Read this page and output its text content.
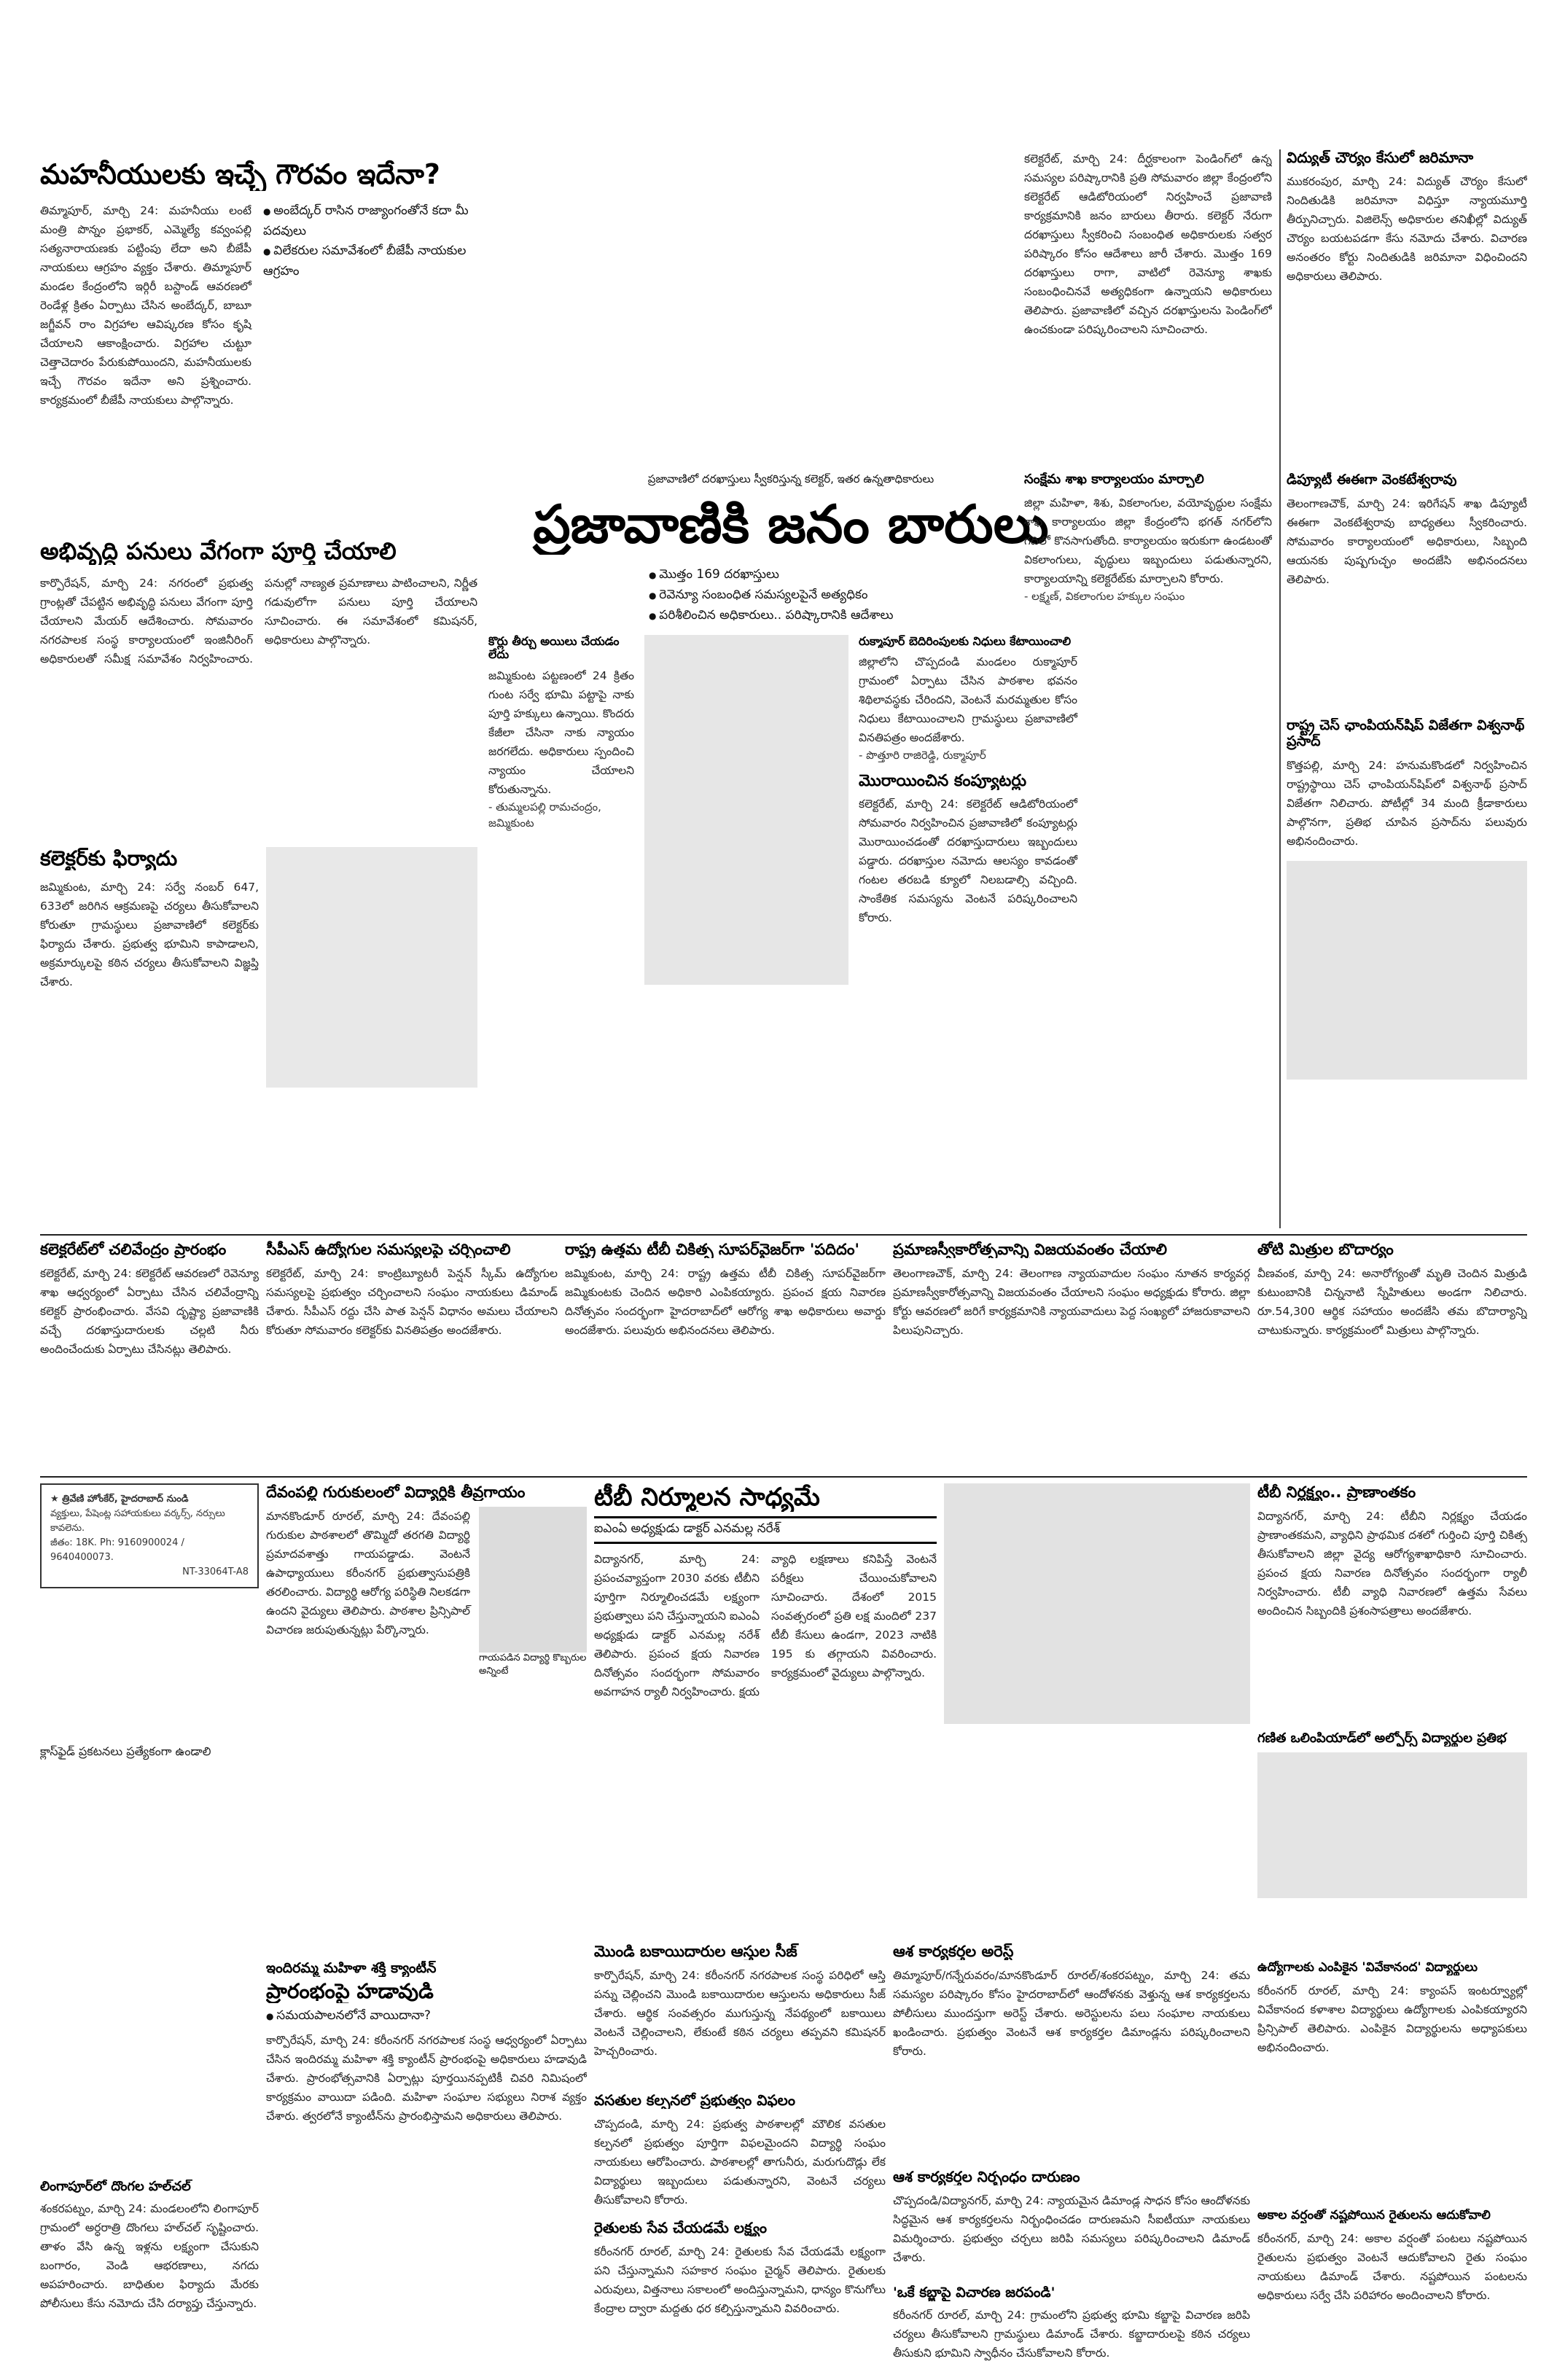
మహనీయులకు ఇచ్చే గౌరవం ఇదేనా?
తిమ్మాపూర్, మార్చి 24: మహనీయు లంటే మంత్రి పొన్నం ప్రభాకర్, ఎమ్మెల్యే కవ్వంపల్లి సత్యనారాయణకు పట్టింపు లేదా అని బీజేపీ నాయకులు ఆగ్రహం వ్యక్తం చేశారు. తిమ్మాపూర్ మండల కేంద్రంలోని ఇర్గిరీ బస్టాండ్ ఆవరణలో రెండేళ్ల క్రితం ఏర్పాటు చేసిన అంబేద్కర్, బాబూ జగ్జీవన్ రాం విగ్రహాల ఆవిష్కరణ కోసం కృషి చేయాలని ఆకాంక్షించారు. విగ్రహాల చుట్టూ చెత్తాచెదారం పేరుకుపోయిందని, మహనీయులకు ఇచ్చే గౌరవం ఇదేనా అని ప్రశ్నించారు. కార్యక్రమంలో బీజేపీ నాయకులు పాల్గొన్నారు.
● అంబేద్కర్ రాసిన రాజ్యాంగంతోనే కదా మీ పదవులు
● విలేకరుల సమావేశంలో బీజేపీ నాయకుల ఆగ్రహం
అభివృద్ధి పనులు వేగంగా పూర్తి చేయాలి
కార్పొరేషన్, మార్చి 24: నగరంలో ప్రభుత్వ గ్రాంట్లతో చేపట్టిన అభివృద్ధి పనులు వేగంగా పూర్తి చేయాలని మేయర్ ఆదేశించారు. సోమవారం నగరపాలక సంస్థ కార్యాలయంలో ఇంజినీరింగ్ అధికారులతో సమీక్ష సమావేశం నిర్వహించారు. పనుల్లో నాణ్యత ప్రమాణాలు పాటించాలని, నిర్ణీత గడువులోగా పనులు పూర్తి చేయాలని సూచించారు. ఈ సమావేశంలో కమిషనర్, అధికారులు పాల్గొన్నారు.
కలెక్టర్‌కు ఫిర్యాదు
జమ్మికుంట, మార్చి 24: సర్వే నంబర్ 647, 633లో జరిగిన ఆక్రమణపై చర్యలు తీసుకోవాలని కోరుతూ గ్రామస్థులు ప్రజావాణిలో కలెక్టర్‌కు ఫిర్యాదు చేశారు. ప్రభుత్వ భూమిని కాపాడాలని, అక్రమార్కులపై కఠిన చర్యలు తీసుకోవాలని విజ్ఞప్తి చేశారు.
ప్రజావాణిలో దరఖాస్తులు స్వీకరిస్తున్న కలెక్టర్, ఇతర ఉన్నతాధికారులు
ప్రజావాణికి జనం బారులు
● మొత్తం 169 దరఖాస్తులు
● రెవెన్యూ సంబంధిత సమస్యలపైనే అత్యధికం
● పరిశీలించిన అధికారులు.. పరిష్కారానికి ఆదేశాలు
కొర్లు తీర్చు అయిలు చేయడం లేదు
జమ్మికుంట పట్టణంలో 24 క్రితం గుంట సర్వే భూమి పట్టాపై నాకు పూర్తి హక్కులు ఉన్నాయి. కొందరు కేజీలా చేసినా నాకు న్యాయం జరగలేదు. అధికారులు స్పందించి న్యాయం చేయాలని కోరుతున్నాను.
- తుమ్మలపల్లి రామచంద్రం, జమ్మికుంట
రుక్మాపూర్ బెదిరింపులకు నిధులు కేటాయించాలి
జిల్లాలోని చొప్పదండి మండలం రుక్మాపూర్ గ్రామంలో ఏర్పాటు చేసిన పాఠశాల భవనం శిథిలావస్థకు చేరిందని, వెంటనే మరమ్మతుల కోసం నిధులు కేటాయించాలని గ్రామస్థులు ప్రజావాణిలో వినతిపత్రం అందజేశారు.
- పొత్తూరి రాజిరెడ్డి, రుక్మాపూర్
మొరాయించిన కంప్యూటర్లు
కలెక్టరేట్, మార్చి 24: కలెక్టరేట్ ఆడిటోరియంలో సోమవారం నిర్వహించిన ప్రజావాణిలో కంప్యూటర్లు మొరాయించడంతో దరఖాస్తుదారులు ఇబ్బందులు పడ్డారు. దరఖాస్తుల నమోదు ఆలస్యం కావడంతో గంటల తరబడి క్యూలో నిలబడాల్సి వచ్చింది. సాంకేతిక సమస్యను వెంటనే పరిష్కరించాలని కోరారు.
కలెక్టరేట్, మార్చి 24: దీర్ఘకాలంగా పెండింగ్‌లో ఉన్న సమస్యల పరిష్కారానికి ప్రతి సోమవారం జిల్లా కేంద్రంలోని కలెక్టరేట్ ఆడిటోరియంలో నిర్వహించే ప్రజావాణి కార్యక్రమానికి జనం బారులు తీరారు. కలెక్టర్ నేరుగా దరఖాస్తులు స్వీకరించి సంబంధిత అధికారులకు సత్వర పరిష్కారం కోసం ఆదేశాలు జారీ చేశారు. మొత్తం 169 దరఖాస్తులు రాగా, వాటిలో రెవెన్యూ శాఖకు సంబంధించినవే అత్యధికంగా ఉన్నాయని అధికారులు తెలిపారు. ప్రజావాణిలో వచ్చిన దరఖాస్తులను పెండింగ్‌లో ఉంచకుండా పరిష్కరించాలని సూచించారు.
సంక్షేమ శాఖ కార్యాలయం మార్చాలి
జిల్లా మహిళా, శిశు, వికలాంగుల, వయోవృద్ధుల సంక్షేమ శాఖ కార్యాలయం జిల్లా కేంద్రంలోని భగత్ నగర్‌లోని గదిలో కొనసాగుతోంది. కార్యాలయం ఇరుకుగా ఉండటంతో వికలాంగులు, వృద్ధులు ఇబ్బందులు పడుతున్నారని, కార్యాలయాన్ని కలెక్టరేట్‌కు మార్చాలని కోరారు.
- లక్ష్మణ్, వికలాంగుల హక్కుల సంఘం
విద్యుత్ చౌర్యం కేసులో జరిమానా
ముకరంపుర, మార్చి 24: విద్యుత్ చౌర్యం కేసులో నిందితుడికి జరిమానా విధిస్తూ న్యాయమూర్తి తీర్పునిచ్చారు. విజిలెన్స్ అధికారుల తనిఖీల్లో విద్యుత్ చౌర్యం బయటపడగా కేసు నమోదు చేశారు. విచారణ అనంతరం కోర్టు నిందితుడికి జరిమానా విధించిందని అధికారులు తెలిపారు.
డిప్యూటీ ఈఈగా వెంకటేశ్వరావు
తెలంగాణచౌక్, మార్చి 24: ఇరిగేషన్ శాఖ డిప్యూటీ ఈఈగా వెంకటేశ్వరావు బాధ్యతలు స్వీకరించారు. సోమవారం కార్యాలయంలో అధికారులు, సిబ్బంది ఆయనకు పుష్పగుచ్ఛం అందజేసి అభినందనలు తెలిపారు.
రాష్ట్ర చెస్ ఛాంపియన్‌షిప్ విజేతగా విశ్వనాథ్ ప్రసాద్
కొత్తపల్లి, మార్చి 24: హనుమకొండలో నిర్వహించిన రాష్ట్రస్థాయి చెస్ ఛాంపియన్‌షిప్‌లో విశ్వనాథ్ ప్రసాద్ విజేతగా నిలిచారు. పోటీల్లో 34 మంది క్రీడాకారులు పాల్గొనగా, ప్రతిభ చూపిన ప్రసాద్‌ను పలువురు అభినందించారు.
కలెక్టరేట్‌లో చలివేంద్రం ప్రారంభం
కలెక్టరేట్, మార్చి 24: కలెక్టరేట్ ఆవరణలో రెవెన్యూ శాఖ ఆధ్వర్యంలో ఏర్పాటు చేసిన చలివేంద్రాన్ని కలెక్టర్ ప్రారంభించారు. వేసవి దృష్ట్యా ప్రజావాణికి వచ్చే దరఖాస్తుదారులకు చల్లటి నీరు అందించేందుకు ఏర్పాటు చేసినట్లు తెలిపారు.
సీపీఎస్ ఉద్యోగుల సమస్యలపై చర్చించాలి
కలెక్టరేట్, మార్చి 24: కాంట్రిబ్యూటరీ పెన్షన్ స్కీమ్ ఉద్యోగుల సమస్యలపై ప్రభుత్వం చర్చించాలని సంఘం నాయకులు డిమాండ్ చేశారు. సీపీఎస్ రద్దు చేసి పాత పెన్షన్ విధానం అమలు చేయాలని కోరుతూ సోమవారం కలెక్టర్‌కు వినతిపత్రం అందజేశారు.
రాష్ట్ర ఉత్తమ టీబీ చికిత్స సూపర్‌వైజర్‌గా 'పదిదం'
జమ్మికుంట, మార్చి 24: రాష్ట్ర ఉత్తమ టీబీ చికిత్స సూపర్‌వైజర్‌గా జమ్మికుంటకు చెందిన అధికారి ఎంపికయ్యారు. ప్రపంచ క్షయ నివారణ దినోత్సవం సందర్భంగా హైదరాబాద్‌లో ఆరోగ్య శాఖ అధికారులు అవార్డు అందజేశారు. పలువురు అభినందనలు తెలిపారు.
ప్రమాణస్వీకారోత్సవాన్ని విజయవంతం చేయాలి
తెలంగాణచౌక్, మార్చి 24: తెలంగాణ న్యాయవాదుల సంఘం నూతన కార్యవర్గ ప్రమాణస్వీకారోత్సవాన్ని విజయవంతం చేయాలని సంఘం అధ్యక్షుడు కోరారు. జిల్లా కోర్టు ఆవరణలో జరిగే కార్యక్రమానికి న్యాయవాదులు పెద్ద సంఖ్యలో హాజరుకావాలని పిలుపునిచ్చారు.
తోటి మిత్రుల బొదార్యం
వీణవంక, మార్చి 24: అనారోగ్యంతో మృతి చెందిన మిత్రుడి కుటుంబానికి చిన్ననాటి స్నేహితులు అండగా నిలిచారు. రూ.54,300 ఆర్థిక సహాయం అందజేసి తమ బొదార్యాన్ని చాటుకున్నారు. కార్యక్రమంలో మిత్రులు పాల్గొన్నారు.
★ త్రివేణి హోంకేర్, హైదరాబాద్ నుండి
వ్యక్తులు, పేషెంట్ల సహాయకులు వర్కర్స్, నర్సులు కావలెను.
జీతం: 18K. Ph: 9160900024 / 9640400073.
NT-33064T-A8
క్లాస్‌ఫైడ్ ప్రకటనలు ప్రత్యేకంగా ఉండాలి
దేవంపల్లి గురుకులంలో విద్యార్థికి తీవ్రగాయం
మానకొండూర్ రూరల్, మార్చి 24: దేవంపల్లి గురుకుల పాఠశాలలో తొమ్మిదో తరగతి విద్యార్థి ప్రమాదవశాత్తు గాయపడ్డాడు. వెంటనే ఉపాధ్యాయులు కరీంనగర్ ప్రభుత్వాసుపత్రికి తరలించారు. విద్యార్థి ఆరోగ్య పరిస్థితి నిలకడగా ఉందని వైద్యులు తెలిపారు. పాఠశాల ప్రిన్సిపాల్ విచారణ జరుపుతున్నట్లు పేర్కొన్నారు.
గాయపడిన విద్యార్థి కొబ్బరుల అన్నింటే
టీబీ నిర్మూలన సాధ్యమే
ఐఎంఏ అధ్యక్షుడు డాక్టర్ ఎనమల్ల నరేశ్
విద్యానగర్, మార్చి 24: ప్రపంచవ్యాప్తంగా 2030 వరకు టీబీని పూర్తిగా నిర్మూలించడమే లక్ష్యంగా ప్రభుత్వాలు పని చేస్తున్నాయని ఐఎంఏ అధ్యక్షుడు డాక్టర్ ఎనమల్ల నరేశ్ తెలిపారు. ప్రపంచ క్షయ నివారణ దినోత్సవం సందర్భంగా సోమవారం అవగాహన ర్యాలీ నిర్వహించారు. క్షయ వ్యాధి లక్షణాలు కనిపిస్తే వెంటనే పరీక్షలు చేయించుకోవాలని సూచించారు. దేశంలో 2015 సంవత్సరంలో ప్రతి లక్ష మందిలో 237 టీబీ కేసులు ఉండగా, 2023 నాటికి 195 కు తగ్గాయని వివరించారు. కార్యక్రమంలో వైద్యులు పాల్గొన్నారు.
టీబీ నిర్లక్ష్యం.. ప్రాణాంతకం
విద్యానగర్, మార్చి 24: టీబీని నిర్లక్ష్యం చేయడం ప్రాణాంతకమని, వ్యాధిని ప్రాథమిక దశలో గుర్తించి పూర్తి చికిత్స తీసుకోవాలని జిల్లా వైద్య ఆరోగ్యశాఖాధికారి సూచించారు. ప్రపంచ క్షయ నివారణ దినోత్సవం సందర్భంగా ర్యాలీ నిర్వహించారు. టీబీ వ్యాధి నివారణలో ఉత్తమ సేవలు అందించిన సిబ్బందికి ప్రశంసాపత్రాలు అందజేశారు.
గణిత ఒలింపియాడ్‌లో అల్ఫోర్స్ విద్యార్థుల ప్రతిభ
ఇందిరమ్మ మహిళా శక్తి క్యాంటీన్
ప్రారంభంపై హడావుడి
● సమయపాలనలోనే వాయిదానా?
కార్పొరేషన్, మార్చి 24: కరీంనగర్ నగరపాలక సంస్థ ఆధ్వర్యంలో ఏర్పాటు చేసిన ఇందిరమ్మ మహిళా శక్తి క్యాంటీన్ ప్రారంభంపై అధికారులు హడావుడి చేశారు. ప్రారంభోత్సవానికి ఏర్పాట్లు పూర్తయినప్పటికీ చివరి నిమిషంలో కార్యక్రమం వాయిదా పడింది. మహిళా సంఘాల సభ్యులు నిరాశ వ్యక్తం చేశారు. త్వరలోనే క్యాంటీన్‌ను ప్రారంభిస్తామని అధికారులు తెలిపారు.
మొండి బకాయిదారుల ఆస్తుల సీజ్
కార్పొరేషన్, మార్చి 24: కరీంనగర్ నగరపాలక సంస్థ పరిధిలో ఆస్తి పన్ను చెల్లించని మొండి బకాయిదారుల ఆస్తులను అధికారులు సీజ్ చేశారు. ఆర్థిక సంవత్సరం ముగుస్తున్న నేపథ్యంలో బకాయిలు వెంటనే చెల్లించాలని, లేకుంటే కఠిన చర్యలు తప్పవని కమిషనర్ హెచ్చరించారు.
వసతుల కల్పనలో ప్రభుత్వం విఫలం
చొప్పదండి, మార్చి 24: ప్రభుత్వ పాఠశాలల్లో మౌలిక వసతుల కల్పనలో ప్రభుత్వం పూర్తిగా విఫలమైందని విద్యార్థి సంఘం నాయకులు ఆరోపించారు. పాఠశాలల్లో తాగునీరు, మరుగుదొడ్లు లేక విద్యార్థులు ఇబ్బందులు పడుతున్నారని, వెంటనే చర్యలు తీసుకోవాలని కోరారు.
రైతులకు సేవ చేయడమే లక్ష్యం
కరీంనగర్ రూరల్, మార్చి 24: రైతులకు సేవ చేయడమే లక్ష్యంగా పని చేస్తున్నామని సహకార సంఘం చైర్మన్ తెలిపారు. రైతులకు ఎరువులు, విత్తనాలు సకాలంలో అందిస్తున్నామని, ధాన్యం కొనుగోలు కేంద్రాల ద్వారా మద్దతు ధర కల్పిస్తున్నామని వివరించారు.
ఆశ కార్యకర్తల అరెస్ట్
తిమ్మాపూర్/గన్నేరువరం/మానకొండూర్ రూరల్/శంకరపట్నం, మార్చి 24: తమ సమస్యల పరిష్కారం కోసం హైదరాబాద్‌లో ఆందోళనకు వెళ్తున్న ఆశ కార్యకర్తలను పోలీసులు ముందస్తుగా అరెస్ట్ చేశారు. అరెస్టులను పలు సంఘాల నాయకులు ఖండించారు. ప్రభుత్వం వెంటనే ఆశ కార్యకర్తల డిమాండ్లను పరిష్కరించాలని కోరారు.
ఆశ కార్యకర్తల నిర్బంధం దారుణం
చొప్పదండి/విద్యానగర్, మార్చి 24: న్యాయమైన డిమాండ్ల సాధన కోసం ఆందోళనకు సిద్ధమైన ఆశ కార్యకర్తలను నిర్బంధించడం దారుణమని సీఐటీయూ నాయకులు విమర్శించారు. ప్రభుత్వం చర్చలు జరిపి సమస్యలు పరిష్కరించాలని డిమాండ్ చేశారు.
'ఒకే కబ్జాపై విచారణ జరపండి'
కరీంనగర్ రూరల్, మార్చి 24: గ్రామంలోని ప్రభుత్వ భూమి కబ్జాపై విచారణ జరిపి చర్యలు తీసుకోవాలని గ్రామస్థులు డిమాండ్ చేశారు. కబ్జాదారులపై కఠిన చర్యలు తీసుకుని భూమిని స్వాధీనం చేసుకోవాలని కోరారు.
ఉద్యోగాలకు ఎంపికైన 'వివేకానంద' విద్యార్థులు
కరీంనగర్ రూరల్, మార్చి 24: క్యాంపస్ ఇంటర్వ్యూల్లో వివేకానంద కళాశాల విద్యార్థులు ఉద్యోగాలకు ఎంపికయ్యారని ప్రిన్సిపాల్ తెలిపారు. ఎంపికైన విద్యార్థులను అధ్యాపకులు అభినందించారు.
అకాల వర్షంతో నష్టపోయిన రైతులను ఆదుకోవాలి
కరీంనగర్, మార్చి 24: అకాల వర్షంతో పంటలు నష్టపోయిన రైతులను ప్రభుత్వం వెంటనే ఆదుకోవాలని రైతు సంఘం నాయకులు డిమాండ్ చేశారు. నష్టపోయిన పంటలను అధికారులు సర్వే చేసి పరిహారం అందించాలని కోరారు.
లింగాపూర్‌లో దొంగల హల్‌చల్
శంకరపట్నం, మార్చి 24: మండలంలోని లింగాపూర్ గ్రామంలో అర్ధరాత్రి దొంగలు హల్‌చల్ సృష్టించారు. తాళం వేసి ఉన్న ఇళ్లను లక్ష్యంగా చేసుకుని బంగారం, వెండి ఆభరణాలు, నగదు అపహరించారు. బాధితుల ఫిర్యాదు మేరకు పోలీసులు కేసు నమోదు చేసి దర్యాప్తు చేస్తున్నారు.
